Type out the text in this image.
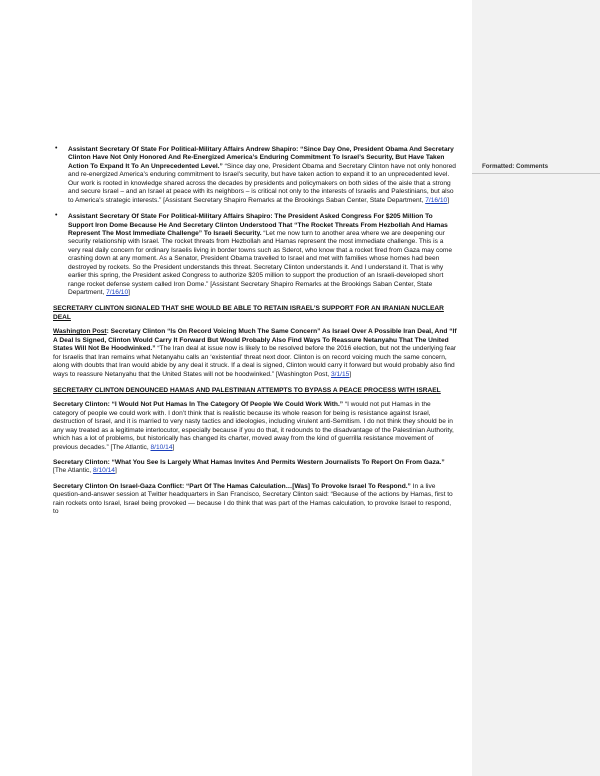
Formatted: Comments
• Assistant Secretary Of State For Political-Military Affairs Andrew Shapiro: “Since Day One, President Obama And Secretary Clinton Have Not Only Honored And Re-Energized America’s Enduring Commitment To Israel’s Security, But Have Taken Action To Expand It To An Unprecedented Level.” “Since day one, President Obama and Secretary Clinton have not only honored and re-energized America’s enduring commitment to Israel’s security, but have taken action to expand it to an unprecedented level. Our work is rooted in knowledge shared across the decades by presidents and policymakers on both sides of the aisle that a strong and secure Israel – and an Israel at peace with its neighbors – is critical not only to the interests of Israelis and Palestinians, but also to America’s strategic interests.” [Assistant Secretary Shapiro Remarks at the Brookings Saban Center, State Department, 7/16/10]
• Assistant Secretary Of State For Political-Military Affairs Shapiro: The President Asked Congress For $205 Million To Support Iron Dome Because He And Secretary Clinton Understood That “The Rocket Threats From Hezbollah And Hamas Represent The Most Immediate Challenge” To Israeli Security. “Let me now turn to another area where we are deepening our security relationship with Israel. The rocket threats from Hezbollah and Hamas represent the most immediate challenge. This is a very real daily concern for ordinary Israelis living in border towns such as Sderot, who know that a rocket fired from Gaza may come crashing down at any moment. As a Senator, President Obama travelled to Israel and met with families whose homes had been destroyed by rockets. So the President understands this threat. Secretary Clinton understands it. And I understand it. That is why earlier this spring, the President asked Congress to authorize $205 million to support the production of an Israeli-developed short range rocket defense system called Iron Dome.” [Assistant Secretary Shapiro Remarks at the Brookings Saban Center, State Department, 7/16/10]
SECRETARY CLINTON SIGNALED THAT SHE WOULD BE ABLE TO RETAIN ISRAEL’S SUPPORT FOR AN IRANIAN NUCLEAR DEAL
Washington Post: Secretary Clinton “Is On Record Voicing Much The Same Concern” As Israel Over A Possible Iran Deal, And “If A Deal Is Signed, Clinton Would Carry It Forward But Would Probably Also Find Ways To Reassure Netanyahu That The United States Will Not Be Hoodwinked.” “The Iran deal at issue now is likely to be resolved before the 2016 election, but not the underlying fear for Israelis that Iran remains what Netanyahu calls an ‘existential’ threat next door. Clinton is on record voicing much the same concern, along with doubts that Iran would abide by any deal it struck. If a deal is signed, Clinton would carry it forward but would probably also find ways to reassure Netanyahu that the United States will not be hoodwinked.” [Washington Post, 3/1/15]
SECRETARY CLINTON DENOUNCED HAMAS AND PALESTINIAN ATTEMPTS TO BYPASS A PEACE PROCESS WITH ISRAEL
Secretary Clinton: “I Would Not Put Hamas In The Category Of People We Could Work With.” “I would not put Hamas in the category of people we could work with. I don’t think that is realistic because its whole reason for being is resistance against Israel, destruction of Israel, and it is married to very nasty tactics and ideologies, including virulent anti-Semitism. I do not think they should be in any way treated as a legitimate interlocutor, especially because if you do that, it redounds to the disadvantage of the Palestinian Authority, which has a lot of problems, but historically has changed its charter, moved away from the kind of guerrilla resistance movement of previous decades.” [The Atlantic, 8/10/14]
Secretary Clinton: “What You See Is Largely What Hamas Invites And Permits Western Journalists To Report On From Gaza.” [The Atlantic, 8/10/14]
Secretary Clinton On Israel-Gaza Conflict: “Part Of The Hamas Calculation…[Was] To Provoke Israel To Respond.” In a live question-and-answer session at Twitter headquarters in San Francisco, Secretary Clinton said: “Because of the actions by Hamas, first to rain rockets onto Israel, Israel being provoked — because I do think that was part of the Hamas calculation, to provoke Israel to respond, to
